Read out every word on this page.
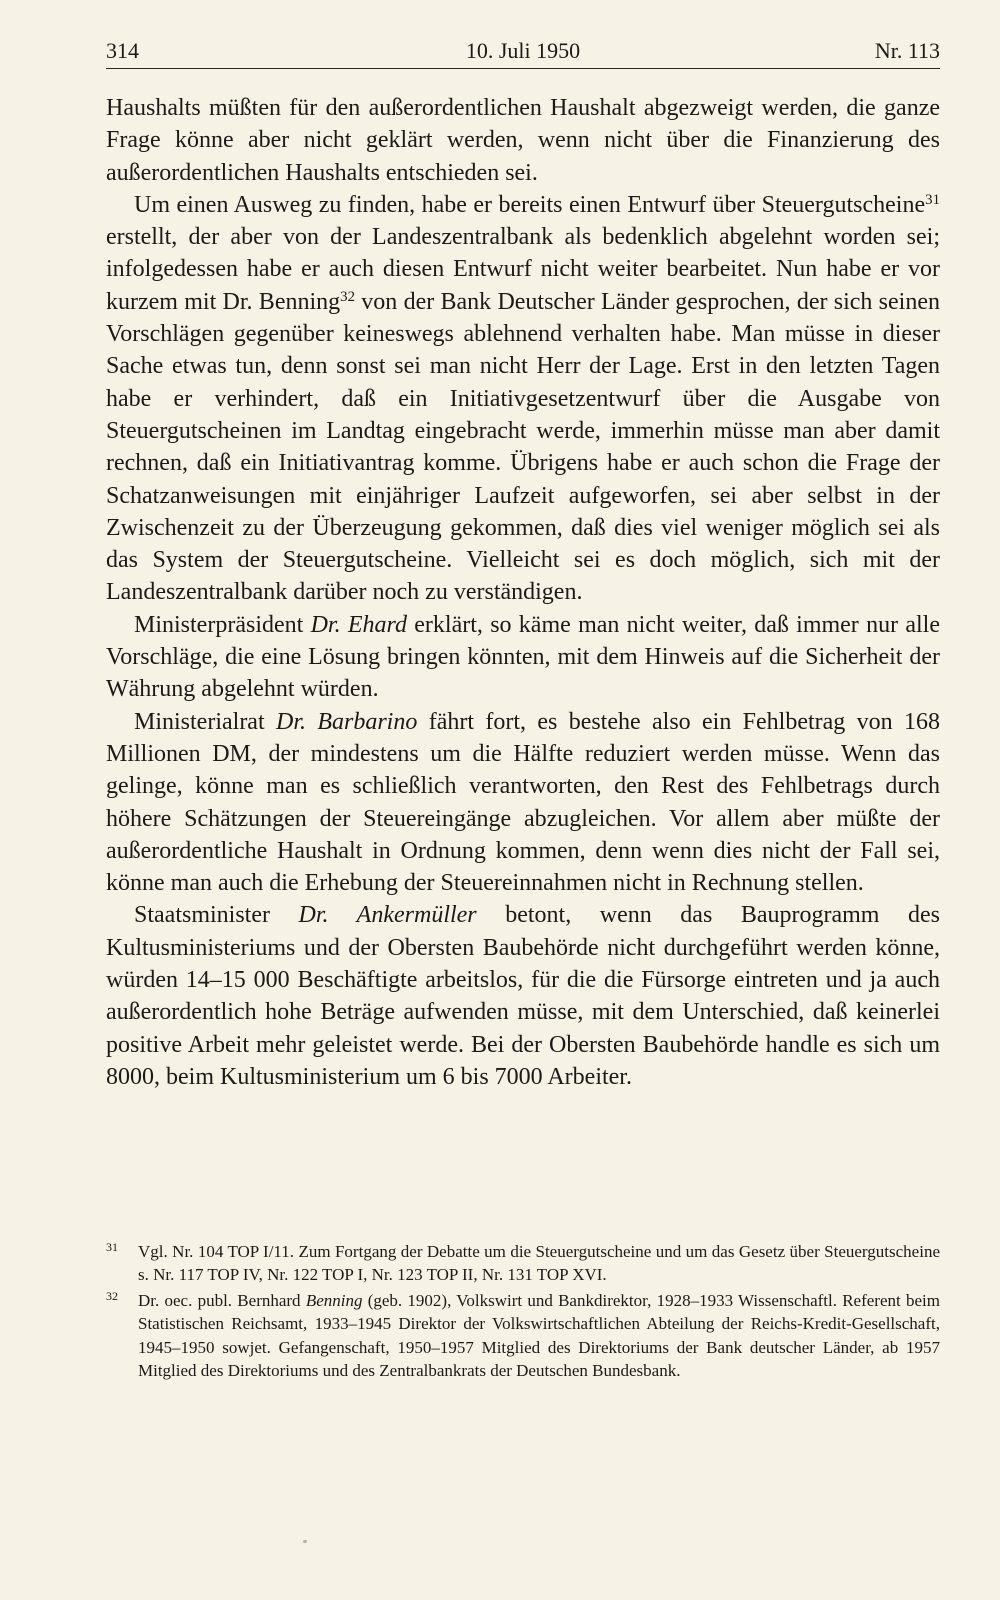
314	10. Juli 1950	Nr. 113

Haushalts müßten für den außerordentlichen Haushalt abgezweigt werden, die ganze Frage könne aber nicht geklärt werden, wenn nicht über die Finanzierung des außerordentlichen Haushalts entschieden sei.

Um einen Ausweg zu finden, habe er bereits einen Entwurf über Steuergutscheine$^{31}$ erstellt, der aber von der Landeszentralbank als bedenklich abgelehnt worden sei; infolgedessen habe er auch diesen Entwurf nicht weiter bearbeitet. Nun habe er vor kurzem mit Dr. Benning$^{32}$ von der Bank Deutscher Länder gesprochen, der sich seinen Vorschlägen gegenüber keineswegs ablehnend verhalten habe. Man müsse in dieser Sache etwas tun, denn sonst sei man nicht Herr der Lage. Erst in den letzten Tagen habe er verhindert, daß ein Initiativgesetzentwurf über die Ausgabe von Steuergutscheinen im Landtag eingebracht werde, immerhin müsse man aber damit rechnen, daß ein Initiativantrag komme. Übrigens habe er auch schon die Frage der Schatzanweisungen mit einjähriger Laufzeit aufgeworfen, sei aber selbst in der Zwischenzeit zu der Überzeugung gekommen, daß dies viel weniger möglich sei als das System der Steuergutscheine. Vielleicht sei es doch möglich, sich mit der Landeszentralbank darüber noch zu verständigen.

Ministerpräsident Dr. Ehard erklärt, so käme man nicht weiter, daß immer nur alle Vorschläge, die eine Lösung bringen könnten, mit dem Hinweis auf die Sicherheit der Währung abgelehnt würden.

Ministerialrat Dr. Barbarino fährt fort, es bestehe also ein Fehlbetrag von 168 Millionen DM, der mindestens um die Hälfte reduziert werden müsse. Wenn das gelinge, könne man es schließlich verantworten, den Rest des Fehlbetrags durch höhere Schätzungen der Steuereingänge abzugleichen. Vor allem aber müßte der außerordentliche Haushalt in Ordnung kommen, denn wenn dies nicht der Fall sei, könne man auch die Erhebung der Steuereinnahmen nicht in Rechnung stellen.

Staatsminister Dr. Ankermüller betont, wenn das Bauprogramm des Kultusministeriums und der Obersten Baubehörde nicht durchgeführt werden könne, würden 14–15 000 Beschäftigte arbeitslos, für die die Fürsorge eintreten und ja auch außerordentlich hohe Beträge aufwenden müsse, mit dem Unterschied, daß keinerlei positive Arbeit mehr geleistet werde. Bei der Obersten Baubehörde handle es sich um 8000, beim Kultusministerium um 6 bis 7000 Arbeiter.

31 Vgl. Nr. 104 TOP I/11. Zum Fortgang der Debatte um die Steuergutscheine und um das Gesetz über Steuergutscheine s. Nr. 117 TOP IV, Nr. 122 TOP I, Nr. 123 TOP II, Nr. 131 TOP XVI.
32 Dr. oec. publ. Bernhard Benning (geb. 1902), Volkswirt und Bankdirektor, 1928–1933 Wissenschaftl. Referent beim Statistischen Reichsamt, 1933–1945 Direktor der Volkswirtschaftlichen Abteilung der Reichs-Kredit-Gesellschaft, 1945–1950 sowjet. Gefangenschaft, 1950–1957 Mitglied des Direktoriums der Bank deutscher Länder, ab 1957 Mitglied des Direktoriums und des Zentralbankrats der Deutschen Bundesbank.
